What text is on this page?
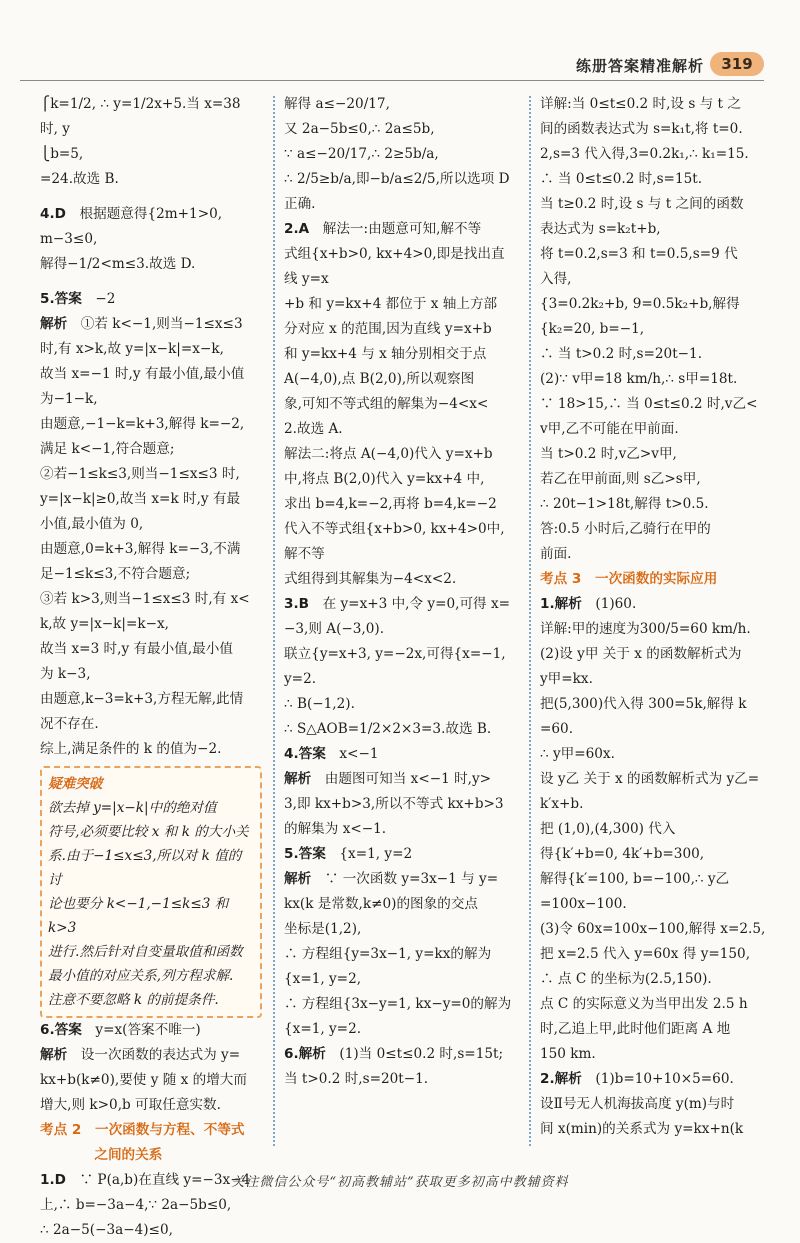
练册答案精准解析	319

⎧k=1/2, ∴ y=1/2x+5.当 x=38 时, y

⎩b=5,

=24.故选 B.

4.D　 根据题意得{2m+1>0, m−3≤0,

解得−1/2<m≤3.故选 D.

5.答案　 −2

解析　 ①若 k<−1,则当−1≤x≤3

时,有 x>k,故 y=|x−k|=x−k,

故当 x=−1 时,y 有最小值,最小值

为−1−k,

由题意,−1−k=k+3,解得 k=−2,

满足 k<−1,符合题意;

②若−1≤k≤3,则当−1≤x≤3 时,

y=|x−k|≥0,故当 x=k 时,y 有最

小值,最小值为 0,

由题意,0=k+3,解得 k=−3,不满

足−1≤k≤3,不符合题意;

③若 k>3,则当−1≤x≤3 时,有 x<

k,故 y=|x−k|=k−x,

故当 x=3 时,y 有最小值,最小值

为 k−3,

由题意,k−3=k+3,方程无解,此情

况不存在.

综上,满足条件的 k 的值为−2.

疑难突破

欲去掉 y=|x−k|中的绝对值

符号,必须要比较 x 和 k 的大小关

系.由于−1≤x≤3,所以对 k 值的讨

论也要分 k<−1,−1≤k≤3 和 k>3

进行.然后针对自变量取值和函数

最小值的对应关系,列方程求解.

注意不要忽略 k 的前提条件.

6.答案　 y=x(答案不唯一)

解析　 设一次函数的表达式为 y=

kx+b(k≠0),要使 y 随 x 的增大而

增大,则 k>0,b 可取任意实数.

考点 2　一次函数与方程、不等式

　　　　之间的关系

1.D　 ∵ P(a,b)在直线 y=−3x−4

上,∴ b=−3a−4,∵ 2a−5b≤0,

∴ 2a−5(−3a−4)≤0,

解得 a≤−20/17,

又 2a−5b≤0,∴ 2a≤5b,

∵ a≤−20/17,∴ 2≥5b/a,

∴ 2/5≥b/a,即−b/a≤2/5,所以选项 D

正确.

2.A　 解法一:由题意可知,解不等

式组{x+b>0, kx+4>0,即是找出直线 y=x

+b 和 y=kx+4 都位于 x 轴上方部

分对应 x 的范围,因为直线 y=x+b

和 y=kx+4 与 x 轴分别相交于点

A(−4,0),点 B(2,0),所以观察图

象,可知不等式组的解集为−4<x<

2.故选 A.

解法二:将点 A(−4,0)代入 y=x+b

中,将点 B(2,0)代入 y=kx+4 中,

求出 b=4,k=−2,再将 b=4,k=−2

代入不等式组{x+b>0, kx+4>0中,解不等

式组得到其解集为−4<x<2.

3.B　 在 y=x+3 中,令 y=0,可得 x=

−3,则 A(−3,0).

联立{y=x+3, y=−2x,可得{x=−1, y=2.

∴ B(−1,2).

∴ S△AOB=1/2×2×3=3.故选 B.

4.答案　 x<−1

解析　 由题图可知当 x<−1 时,y>

3,即 kx+b>3,所以不等式 kx+b>3

的解集为 x<−1.

5.答案　 {x=1, y=2

解析　 ∵ 一次函数 y=3x−1 与 y=

kx(k 是常数,k≠0)的图象的交点

坐标是(1,2),

∴ 方程组{y=3x−1, y=kx的解为{x=1, y=2,

∴ 方程组{3x−y=1, kx−y=0的解为{x=1, y=2.

6.解析　 (1)当 0≤t≤0.2 时,s=15t;

当 t>0.2 时,s=20t−1.

详解:当 0≤t≤0.2 时,设 s 与 t 之

间的函数表达式为 s=k₁t,将 t=0.

2,s=3 代入得,3=0.2k₁,∴ k₁=15.

∴ 当 0≤t≤0.2 时,s=15t.

当 t≥0.2 时,设 s 与 t 之间的函数

表达式为 s=k₂t+b,

将 t=0.2,s=3 和 t=0.5,s=9 代

入得,

{3=0.2k₂+b, 9=0.5k₂+b,解得{k₂=20, b=−1,

∴ 当 t>0.2 时,s=20t−1.

(2)∵ v甲=18 km/h,∴ s甲=18t.

∵ 18>15,∴ 当 0≤t≤0.2 时,v乙<

v甲,乙不可能在甲前面.

当 t>0.2 时,v乙>v甲,

若乙在甲前面,则 s乙>s甲,

∴ 20t−1>18t,解得 t>0.5.

答:0.5 小时后,乙骑行在甲的

前面.

考点 3　一次函数的实际应用

1.解析　 (1)60.

详解:甲的速度为300/5=60 km/h.

(2)设 y甲 关于 x 的函数解析式为

y甲=kx.

把(5,300)代入得 300=5k,解得 k

=60.

∴ y甲=60x.

设 y乙 关于 x 的函数解析式为 y乙=

k′x+b.

把 (1,0),(4,300) 代入

得{k′+b=0, 4k′+b=300,

解得{k′=100, b=−100,∴ y乙=100x−100.

(3)令 60x=100x−100,解得 x=2.5,

把 x=2.5 代入 y=60x 得 y=150,

∴ 点 C 的坐标为(2.5,150).

点 C 的实际意义为当甲出发 2.5 h

时,乙追上甲,此时他们距离 A 地

150 km.

2.解析　 (1)b=10+10×5=60.

设Ⅱ号无人机海拔高度 y(m)与时

间 x(min)的关系式为 y=kx+n(k

关注微信公众号“初高教辅站”获取更多初高中教辅资料
